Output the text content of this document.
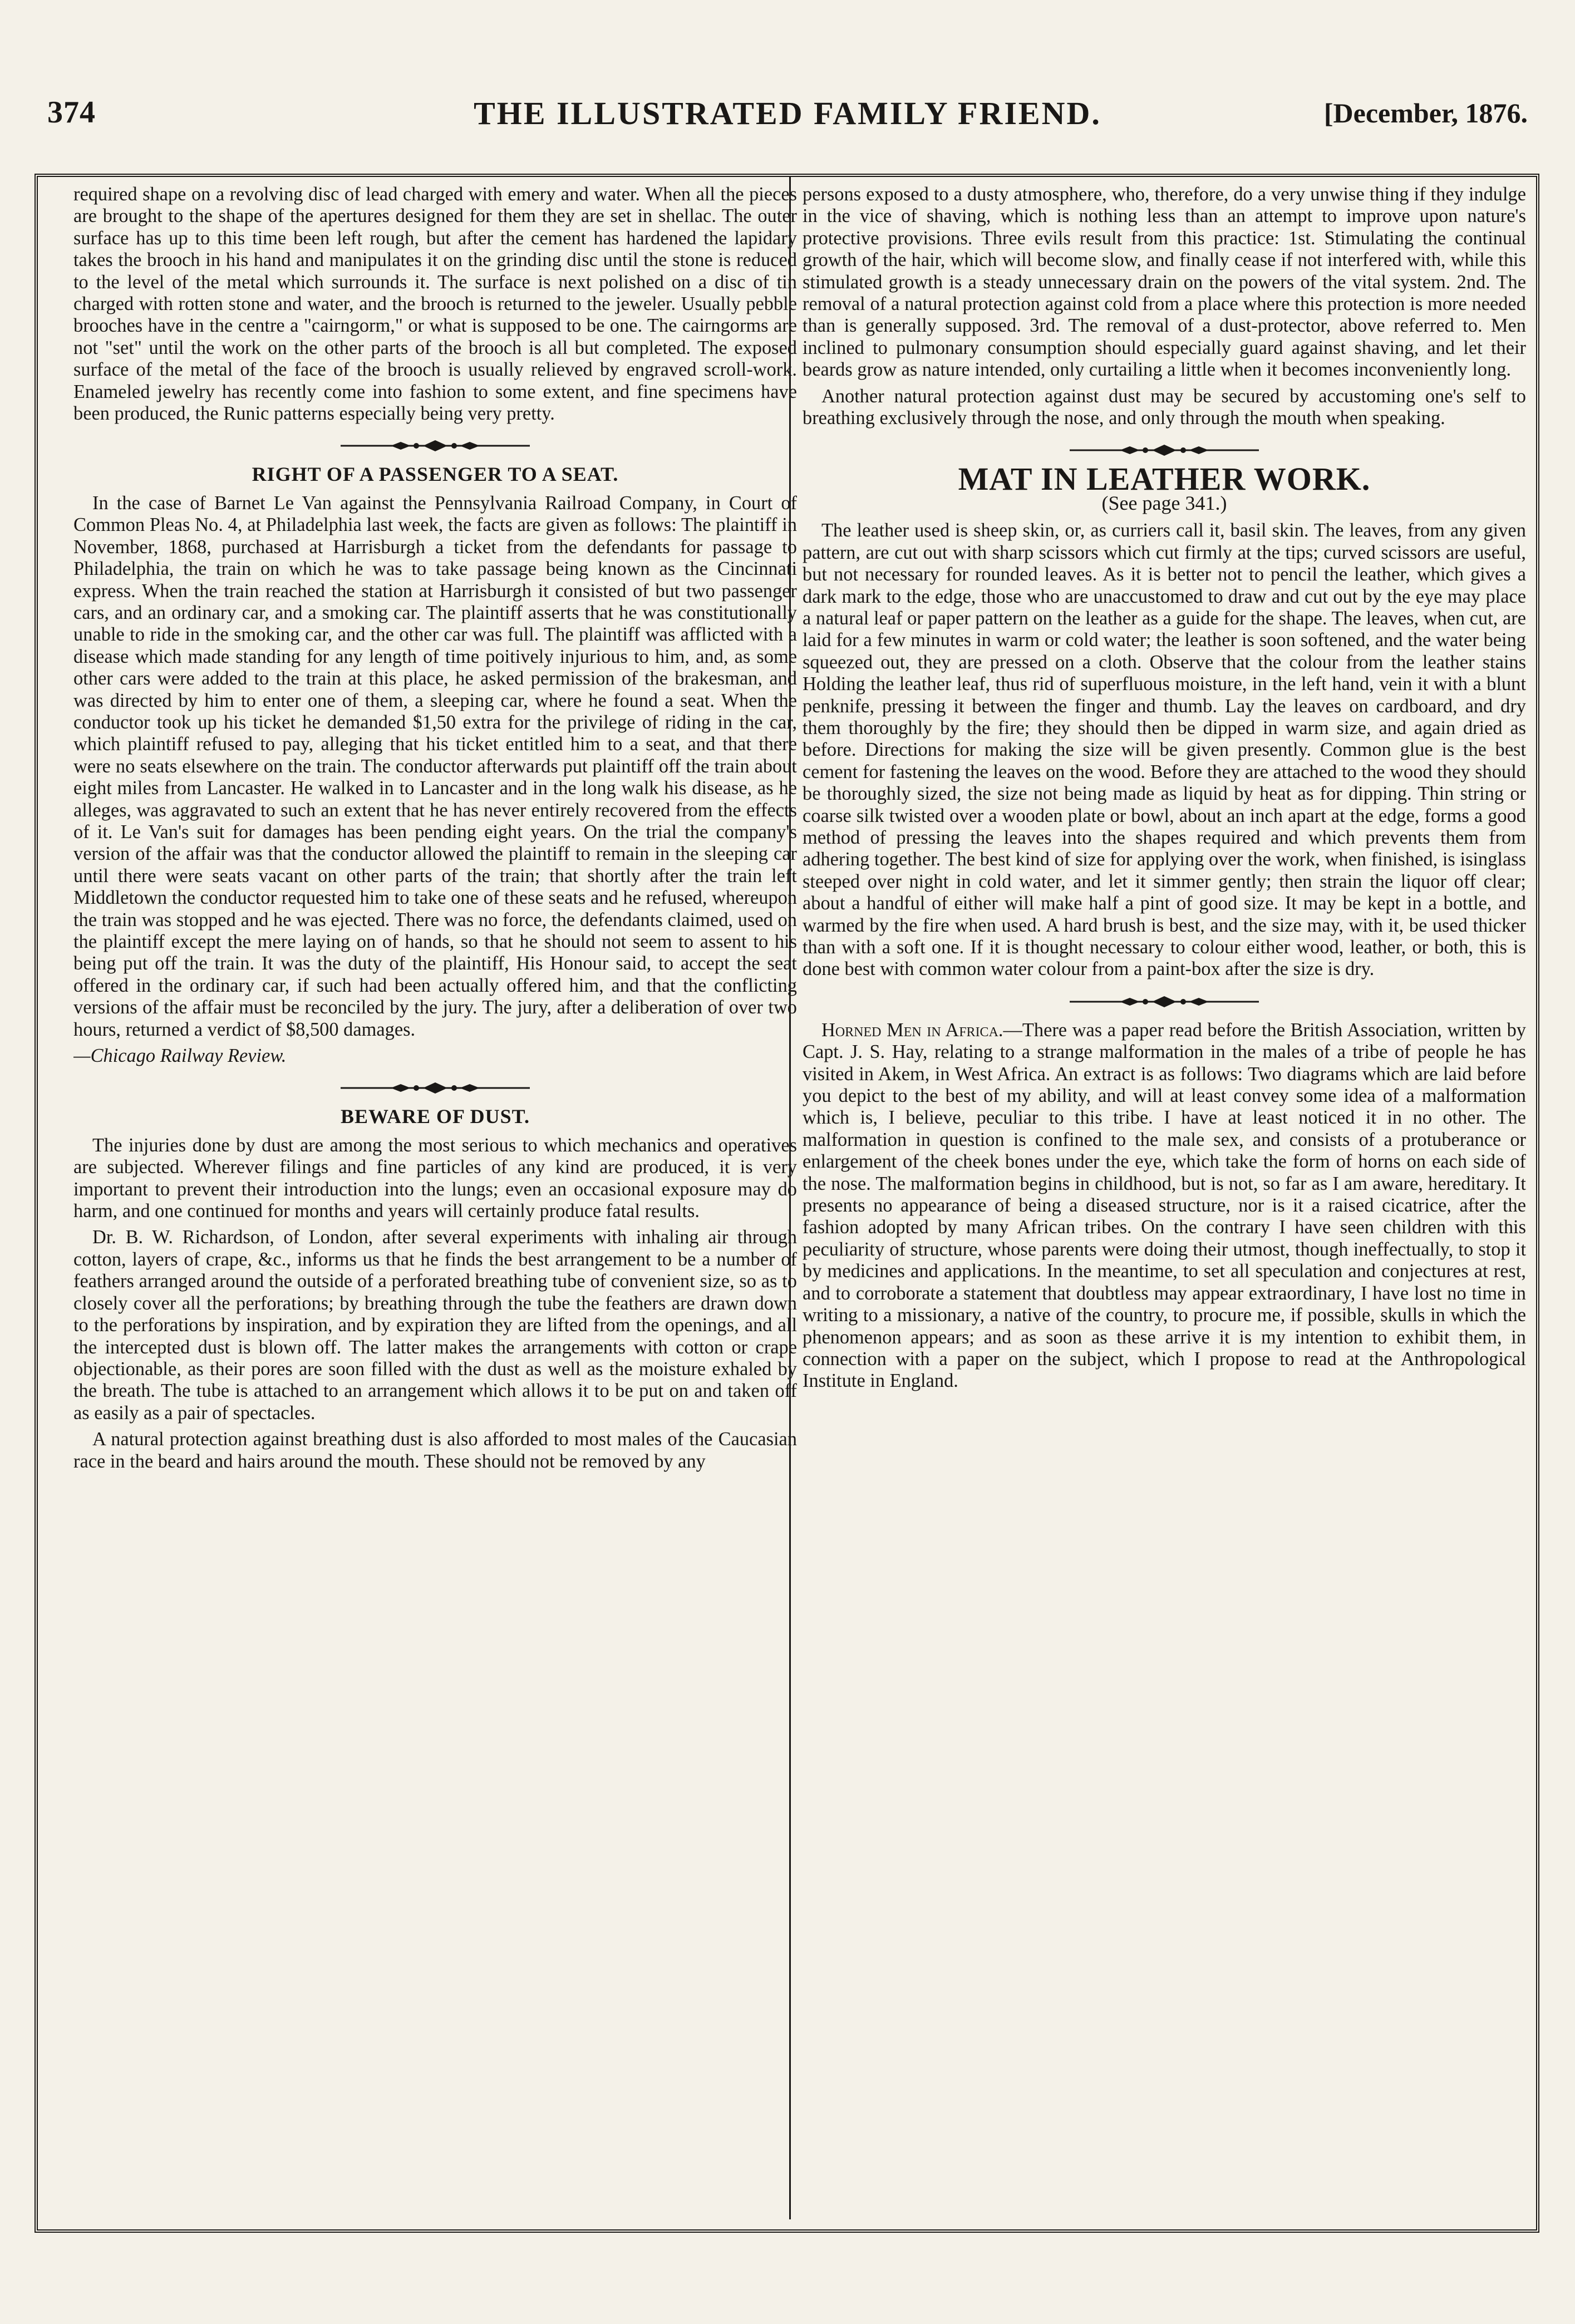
374	THE ILLUSTRATED FAMILY FRIEND.	[December, 1876.

required shape on a revolving disc of lead charged with emery and water. When all the pieces are brought to the shape of the apertures designed for them they are set in shellac. The outer surface has up to this time been left rough, but after the cement has hardened the lapidary takes the brooch in his hand and manipulates it on the grinding disc until the stone is reduced to the level of the metal which surrounds it. The surface is next polished on a disc of tin charged with rotten stone and water, and the brooch is returned to the jeweler. Usually pebble brooches have in the centre a "cairngorm," or what is supposed to be one. The cairngorms are not "set" until the work on the other parts of the brooch is all but completed. The exposed surface of the metal of the face of the brooch is usually relieved by engraved scroll-work. Enameled jewelry has recently come into fashion to some extent, and fine specimens have been produced, the Runic patterns especially being very pretty.

RIGHT OF A PASSENGER TO A SEAT.

In the case of Barnet Le Van against the Pennsylvania Railroad Company, in Court of Common Pleas No. 4, at Philadelphia last week, the facts are given as follows: The plaintiff in November, 1868, purchased at Harrisburgh a ticket from the defendants for passage to Philadelphia, the train on which he was to take passage being known as the Cincinnati express. When the train reached the station at Harrisburgh it consisted of but two passenger cars, and an ordinary car, and a smoking car. The plaintiff asserts that he was constitutionally unable to ride in the smoking car, and the other car was full. The plaintiff was afflicted with a disease which made standing for any length of time poitively injurious to him, and, as some other cars were added to the train at this place, he asked permission of the brakesman, and was directed by him to enter one of them, a sleeping car, where he found a seat. When the conductor took up his ticket he demanded $1,50 extra for the privilege of riding in the car, which plaintiff refused to pay, alleging that his ticket entitled him to a seat, and that there were no seats elsewhere on the train. The conductor afterwards put plaintiff off the train about eight miles from Lancaster. He walked in to Lancaster and in the long walk his disease, as he alleges, was aggravated to such an extent that he has never entirely recovered from the effects of it. Le Van's suit for damages has been pending eight years. On the trial the company's version of the affair was that the conductor allowed the plaintiff to remain in the sleeping car until there were seats vacant on other parts of the train; that shortly after the train left Middletown the conductor requested him to take one of these seats and he refused, whereupon the train was stopped and he was ejected. There was no force, the defendants claimed, used on the plaintiff except the mere laying on of hands, so that he should not seem to assent to his being put off the train. It was the duty of the plaintiff, His Honour said, to accept the seat offered in the ordinary car, if such had been actually offered him, and that the conflicting versions of the affair must be reconciled by the jury. The jury, after a deliberation of over two hours, returned a verdict of $8,500 damages.

—Chicago Railway Review.

BEWARE OF DUST.

The injuries done by dust are among the most serious to which mechanics and operatives are subjected. Wherever filings and fine particles of any kind are produced, it is very important to prevent their introduction into the lungs; even an occasional exposure may do harm, and one continued for months and years will certainly produce fatal results.

Dr. B. W. Richardson, of London, after several experiments with inhaling air through cotton, layers of crape, &c., informs us that he finds the best arrangement to be a number of feathers arranged around the outside of a perforated breathing tube of convenient size, so as to closely cover all the perforations; by breathing through the tube the feathers are drawn down to the perforations by inspiration, and by expiration they are lifted from the openings, and all the intercepted dust is blown off. The latter makes the arrangements with cotton or crape objectionable, as their pores are soon filled with the dust as well as the moisture exhaled by the breath. The tube is attached to an arrangement which allows it to be put on and taken off as easily as a pair of spectacles.

A natural protection against breathing dust is also afforded to most males of the Caucasian race in the beard and hairs around the mouth. These should not be removed by any

persons exposed to a dusty atmosphere, who, therefore, do a very unwise thing if they indulge in the vice of shaving, which is nothing less than an attempt to improve upon nature's protective provisions. Three evils result from this practice: 1st. Stimulating the continual growth of the hair, which will become slow, and finally cease if not interfered with, while this stimulated growth is a steady unnecessary drain on the powers of the vital system. 2nd. The removal of a natural protection against cold from a place where this protection is more needed than is generally supposed. 3rd. The removal of a dust-protector, above referred to. Men inclined to pulmonary consumption should especially guard against shaving, and let their beards grow as nature intended, only curtailing a little when it becomes inconveniently long.

Another natural protection against dust may be secured by accustoming one's self to breathing exclusively through the nose, and only through the mouth when speaking.

MAT IN LEATHER WORK.
(See page 341.)

The leather used is sheep skin, or, as curriers call it, basil skin. The leaves, from any given pattern, are cut out with sharp scissors which cut firmly at the tips; curved scissors are useful, but not necessary for rounded leaves. As it is better not to pencil the leather, which gives a dark mark to the edge, those who are unaccustomed to draw and cut out by the eye may place a natural leaf or paper pattern on the leather as a guide for the shape. The leaves, when cut, are laid for a few minutes in warm or cold water; the leather is soon softened, and the water being squeezed out, they are pressed on a cloth. Observe that the colour from the leather stains Holding the leather leaf, thus rid of superfluous moisture, in the left hand, vein it with a blunt penknife, pressing it between the finger and thumb. Lay the leaves on cardboard, and dry them thoroughly by the fire; they should then be dipped in warm size, and again dried as before. Directions for making the size will be given presently. Common glue is the best cement for fastening the leaves on the wood. Before they are attached to the wood they should be thoroughly sized, the size not being made as liquid by heat as for dipping. Thin string or coarse silk twisted over a wooden plate or bowl, about an inch apart at the edge, forms a good method of pressing the leaves into the shapes required and which prevents them from adhering together. The best kind of size for applying over the work, when finished, is isinglass steeped over night in cold water, and let it simmer gently; then strain the liquor off clear; about a handful of either will make half a pint of good size. It may be kept in a bottle, and warmed by the fire when used. A hard brush is best, and the size may, with it, be used thicker than with a soft one. If it is thought necessary to colour either wood, leather, or both, this is done best with common water colour from a paint-box after the size is dry.

Horned Men in Africa.—There was a paper read before the British Association, written by Capt. J. S. Hay, relating to a strange malformation in the males of a tribe of people he has visited in Akem, in West Africa. An extract is as follows: Two diagrams which are laid before you depict to the best of my ability, and will at least convey some idea of a malformation which is, I believe, peculiar to this tribe. I have at least noticed it in no other. The malformation in question is confined to the male sex, and consists of a protuberance or enlargement of the cheek bones under the eye, which take the form of horns on each side of the nose. The malformation begins in childhood, but is not, so far as I am aware, hereditary. It presents no appearance of being a diseased structure, nor is it a raised cicatrice, after the fashion adopted by many African tribes. On the contrary I have seen children with this peculiarity of structure, whose parents were doing their utmost, though ineffectually, to stop it by medicines and applications. In the meantime, to set all speculation and conjectures at rest, and to corroborate a statement that doubtless may appear extraordinary, I have lost no time in writing to a missionary, a native of the country, to procure me, if possible, skulls in which the phenomenon appears; and as soon as these arrive it is my intention to exhibit them, in connection with a paper on the subject, which I propose to read at the Anthropological Institute in England.
